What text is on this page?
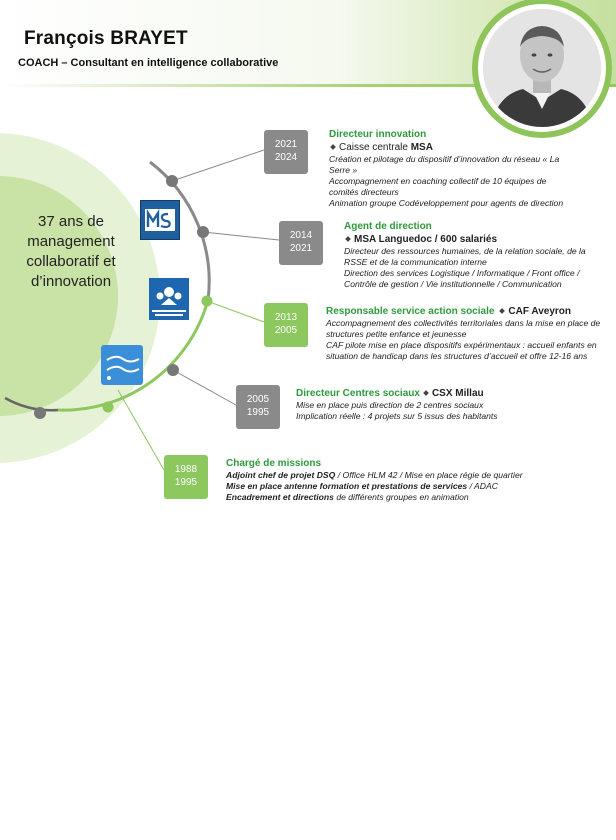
François BRAYET
COACH – Consultant en intelligence collaborative
37 ans de
management
collaboratif et
d’innovation
2021
2024
Directeur innovation
Caisse centrale MSA
Création et pilotage du dispositif d’innovation du réseau « La
Serre »
Accompagnement en coaching collectif de 10 équipes de
comités directeurs
Animation groupe Codéveloppement pour agents de direction
2014
2021
Agent de direction
MSA Languedoc / 600 salariés
Directeur des ressources humaines, de la relation sociale, de la
RSSE et de la communication interne
Direction des services Logistique / Informatique / Front office /
Contrôle de gestion / Vie institutionnelle / Communication
2013
2005
Responsable service action sociale CAF Aveyron
Accompagnement des collectivités territoriales dans la mise en place de
structures petite enfance et jeunesse
CAF pilote mise en place dispositifs expérimentaux : accueil enfants en
situation de handicap dans les structures d’accueil et offre 12-16 ans
2005
1995
Directeur Centres sociaux CSX Millau
Mise en place puis direction de 2 centres sociaux
Implication réelle : 4 projets sur 5 issus des habitants
1988
1995
Chargé de missions
Adjoint chef de projet DSQ / Office HLM 42 / Mise en place régie de quartier
Mise en place antenne formation et prestations de services / ADAC
Encadrement et directions de différents groupes en animation
